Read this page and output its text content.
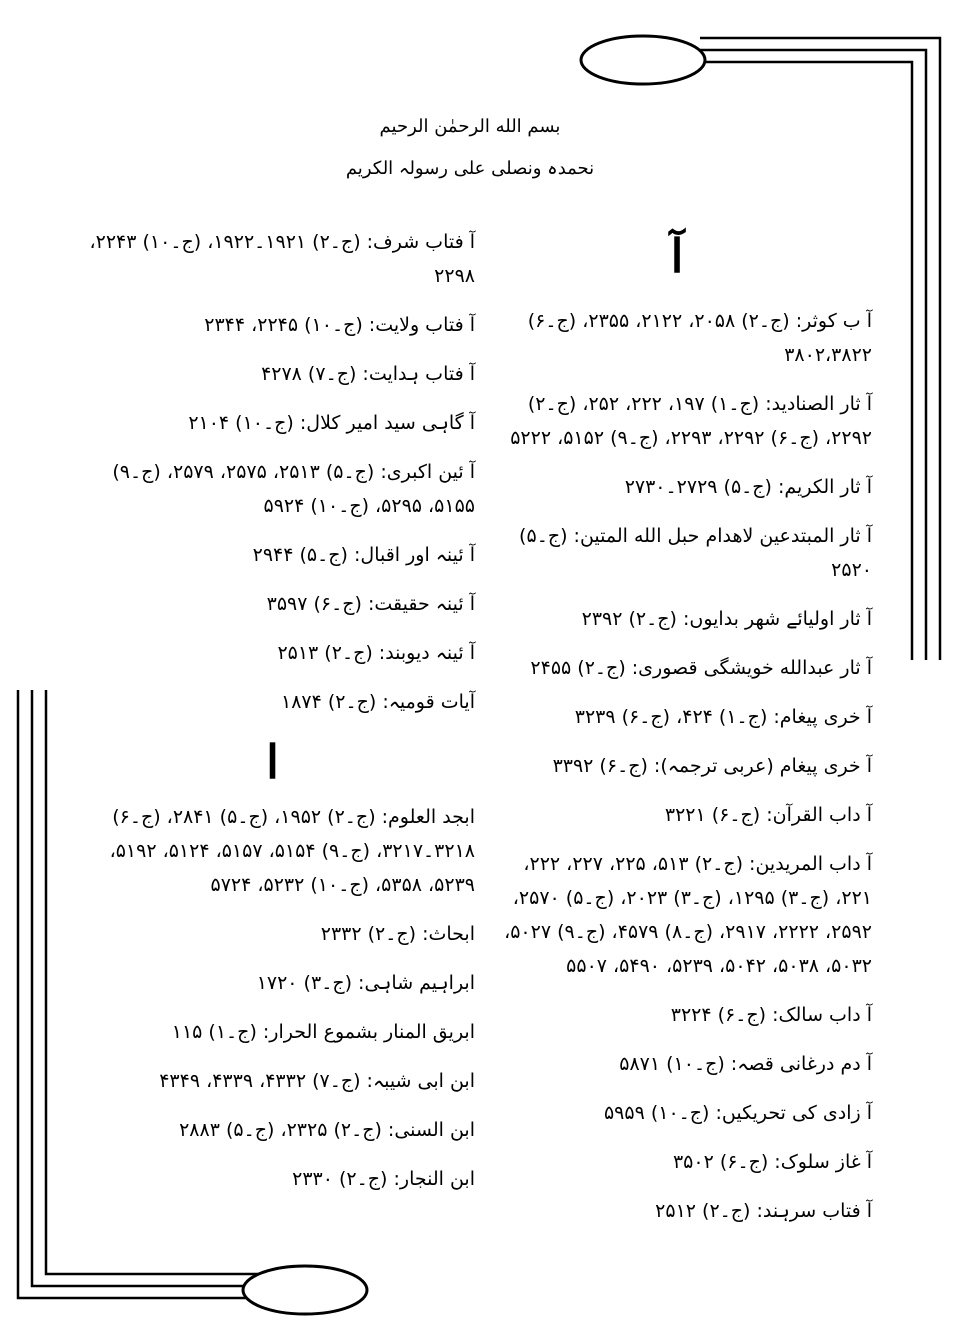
بسم الله الرحمٰن الرحيم
نحمدہ ونصلی علی رسولہ الکریم
آ
آ ب کوثر: (ج۔۲) ۲۰۵۸، ۲۱۲۲، ۲۳۵۵، (ج۔۶) ۳۸۰۲،۳۸۲۲
آ ثار الصناديد: (ج۔۱) ۱۹۷، ۲۲۲، ۲۵۲، (ج۔۲) ۲۲۹۲، (ج۔۶) ۲۲۹۲، ۲۲۹۳، (ج۔۹) ۵۱۵۲، ۵۲۲۲
آ ثار الکریم: (ج۔۵) ۲۷۲۹۔۲۷۳۰
آ ثار المبتدعين لاهدام حبل الله المتين: (ج۔۵) ۲۵۲۰
آ ثار اولیائے شهر بدایوں: (ج۔۲) ۲۳۹۲
آ ثار عبدالله خویشگی قصوری: (ج۔۲) ۲۴۵۵
آ خری پیغام: (ج۔۱) ۴۲۴، (ج۔۶) ۳۲۳۹
آ خری پیغام (عربی ترجمہ): (ج۔۶) ۳۳۹۲
آ داب القرآن: (ج۔۶) ۳۲۲۱
آ داب المریدین: (ج۔۲) ۵۱۳، ۲۲۵، ۲۲۷، ۲۲۲، ۲۲۱، (ج۔۳) ۱۲۹۵، (ج۔۳) ۲۰۲۳، (ج۔۵) ۲۵۷۰، ۲۵۹۲، ۲۲۲۲، ۲۹۱۷، (ج۔۸) ۴۵۷۹، (ج۔۹) ۵۰۲۷، ۵۰۳۲، ۵۰۳۸، ۵۰۴۲، ۵۲۳۹، ۵۴۹۰، ۵۵۰۷
آ داب سالک: (ج۔۶) ۳۲۲۴
آ دم درغانی قصہ: (ج۔۱۰) ۵۸۷۱
آ زادی کی تحریکیں: (ج۔۱۰) ۵۹۵۹
آ غاز سلوک: (ج۔۶) ۳۵۰۲
آ فتاب سرہند: (ج۔۲) ۲۵۱۲
آ فتاب شرف: (ج۔۲) ۱۹۲۱۔۱۹۲۲، (ج۔۱۰) ۲۲۴۳، ۲۲۹۸
آ فتاب ولایت: (ج۔۱۰) ۲۲۴۵، ۲۳۴۴
آ فتاب ہدایت: (ج۔۷) ۴۲۷۸
آ گاہی سید امیر کلال: (ج۔۱۰) ۲۱۰۴
آ ئین اکبری: (ج۔۵) ۲۵۱۳، ۲۵۷۵، ۲۵۷۹، (ج۔۹) ۵۱۵۵، ۵۲۹۵، (ج۔۱۰) ۵۹۲۴
آ ئینہ اور اقبال: (ج۔۵) ۲۹۴۴
آ ئینہ حقیقت: (ج۔۶) ۳۵۹۷
آ ئینہ دیوبند: (ج۔۲) ۲۵۱۳
آیات قومیہ: (ج۔۲) ۱۸۷۴
ا
ابجد العلوم: (ج۔۲) ۱۹۵۲، (ج۔۵) ۲۸۴۱، (ج۔۶) ۳۲۱۸۔۳۲۱۷، (ج۔۹) ۵۱۵۴، ۵۱۵۷، ۵۱۲۴، ۵۱۹۲، ۵۲۳۹، ۵۳۵۸، (ج۔۱۰) ۵۲۳۲، ۵۷۲۴
ابحاث: (ج۔۲) ۲۳۳۲
ابراہیم شاہی: (ج۔۳) ۱۷۲۰
ابریق المنار بشموع الحرار: (ج۔۱) ۱۱۵
ابن ابی شیبہ: (ج۔۷) ۴۳۳۲، ۴۳۳۹، ۴۳۴۹
ابن السنی: (ج۔۲) ۲۳۲۵، (ج۔۵) ۲۸۸۳
ابن النجار: (ج۔۲) ۲۳۳۰
